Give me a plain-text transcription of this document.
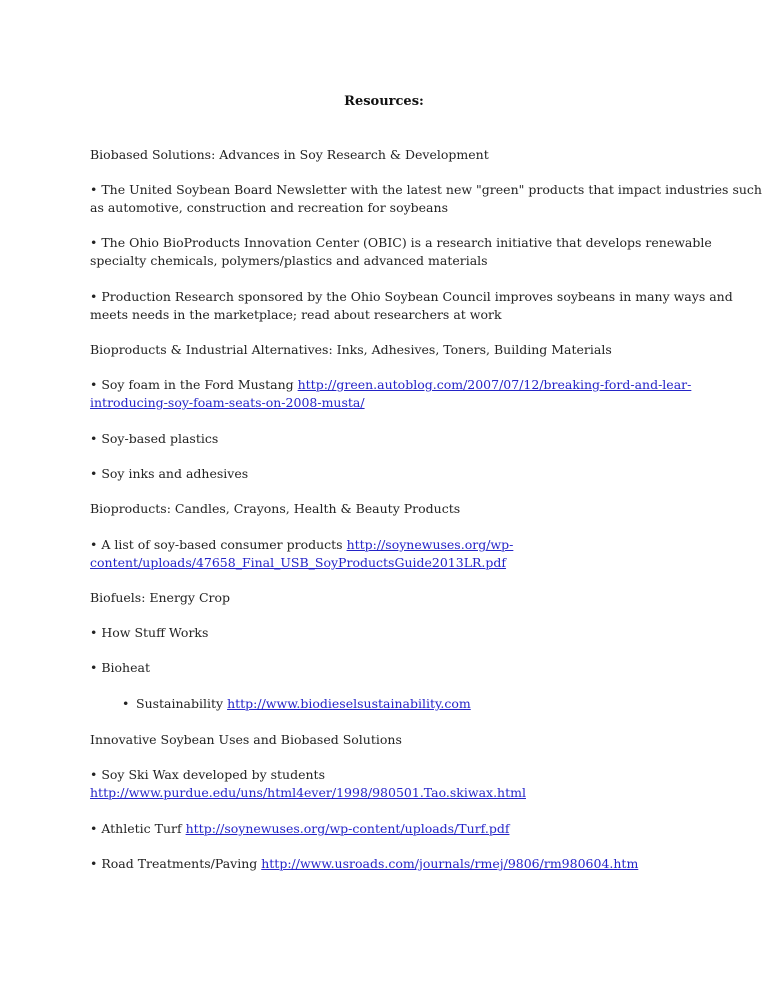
Resources:
Biobased Solutions: Advances in Soy Research & Development
• The United Soybean Board Newsletter with the latest new "green" products that impact industries such
as automotive, construction and recreation for soybeans
• The Ohio BioProducts Innovation Center (OBIC) is a research initiative that develops renewable
specialty chemicals, polymers/plastics and advanced materials
• Production Research sponsored by the Ohio Soybean Council improves soybeans in many ways and
meets needs in the marketplace; read about researchers at work
Bioproducts & Industrial Alternatives: Inks, Adhesives, Toners, Building Materials
• Soy foam in the Ford Mustang http://green.autoblog.com/2007/07/12/breaking-ford-and-lear-
introducing-soy-foam-seats-on-2008-musta/
• Soy-based plastics
• Soy inks and adhesives
Bioproducts: Candles, Crayons, Health & Beauty Products
• A list of soy-based consumer products http://soynewuses.org/wp-
content/uploads/47658_Final_USB_SoyProductsGuide2013LR.pdf
Biofuels: Energy Crop
• How Stuff Works
• Bioheat
• Sustainability http://www.biodieselsustainability.com
Innovative Soybean Uses and Biobased Solutions
• Soy Ski Wax developed by students
http://www.purdue.edu/uns/html4ever/1998/980501.Tao.skiwax.html
• Athletic Turf http://soynewuses.org/wp-content/uploads/Turf.pdf
• Road Treatments/Paving http://www.usroads.com/journals/rmej/9806/rm980604.htm
